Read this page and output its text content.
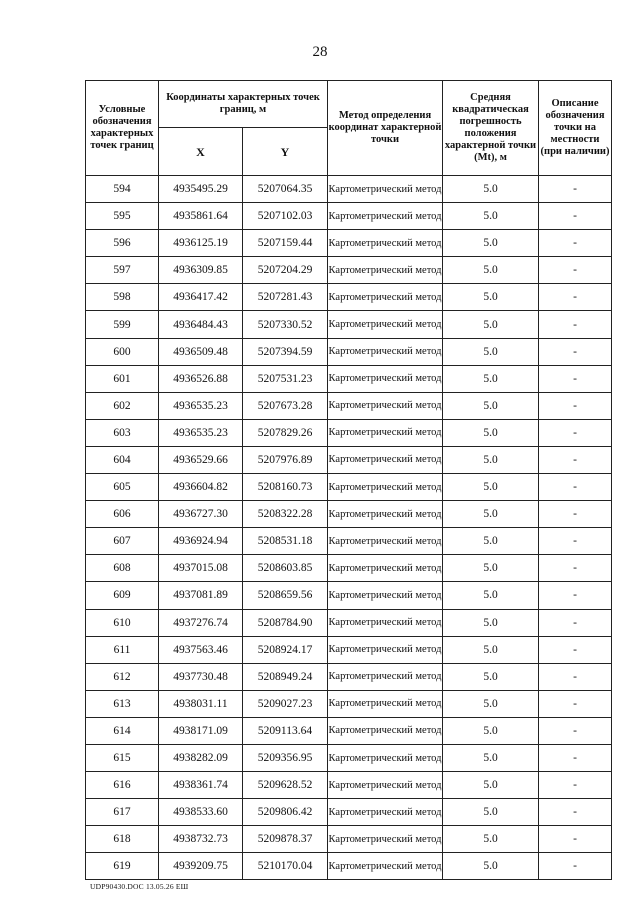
28
Условные обозначения характерных точек границ	Координаты характерных точек границ, м		Метод определения координат характерной точки	Средняя квадратическая погрешность положения характерной точки (Mt), м	Описание обозначения точки на местности (при наличии)
	X	Y			
594	4935495.29	5207064.35	Картометрический метод	5.0	-
595	4935861.64	5207102.03	Картометрический метод	5.0	-
596	4936125.19	5207159.44	Картометрический метод	5.0	-
597	4936309.85	5207204.29	Картометрический метод	5.0	-
598	4936417.42	5207281.43	Картометрический метод	5.0	-
599	4936484.43	5207330.52	Картометрический метод	5.0	-
600	4936509.48	5207394.59	Картометрический метод	5.0	-
601	4936526.88	5207531.23	Картометрический метод	5.0	-
602	4936535.23	5207673.28	Картометрический метод	5.0	-
603	4936535.23	5207829.26	Картометрический метод	5.0	-
604	4936529.66	5207976.89	Картометрический метод	5.0	-
605	4936604.82	5208160.73	Картометрический метод	5.0	-
606	4936727.30	5208322.28	Картометрический метод	5.0	-
607	4936924.94	5208531.18	Картометрический метод	5.0	-
608	4937015.08	5208603.85	Картометрический метод	5.0	-
609	4937081.89	5208659.56	Картометрический метод	5.0	-
610	4937276.74	5208784.90	Картометрический метод	5.0	-
611	4937563.46	5208924.17	Картометрический метод	5.0	-
612	4937730.48	5208949.24	Картометрический метод	5.0	-
613	4938031.11	5209027.23	Картометрический метод	5.0	-
614	4938171.09	5209113.64	Картометрический метод	5.0	-
615	4938282.09	5209356.95	Картометрический метод	5.0	-
616	4938361.74	5209628.52	Картометрический метод	5.0	-
617	4938533.60	5209806.42	Картометрический метод	5.0	-
618	4938732.73	5209878.37	Картометрический метод	5.0	-
619	4939209.75	5210170.04	Картометрический метод	5.0	-
UDP90430.DOC 13.05.26 ЕШ
